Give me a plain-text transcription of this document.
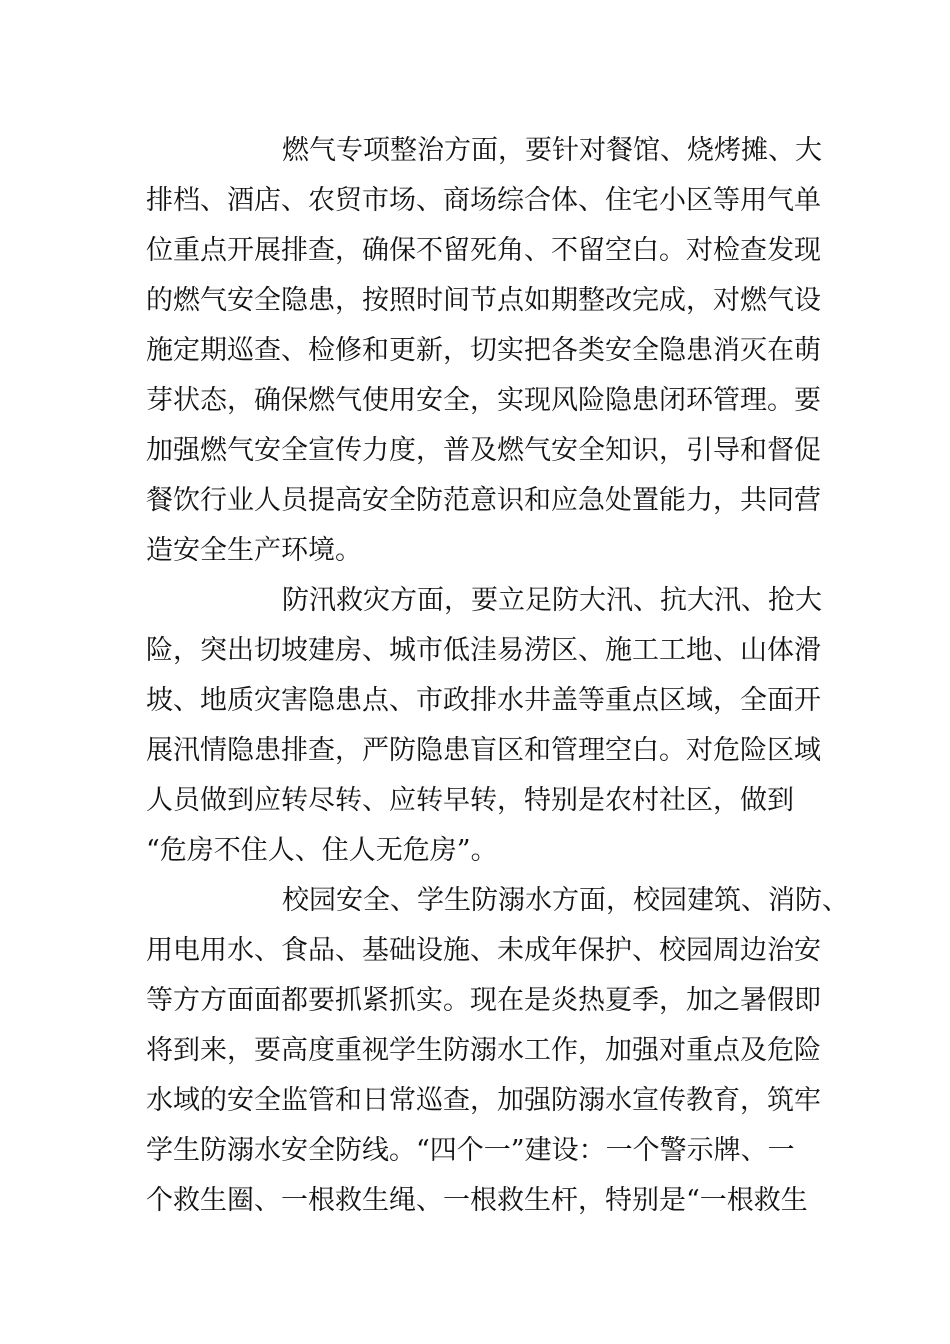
燃气专项整治方面，要针对餐馆、烧烤摊、大
排档、酒店、农贸市场、商场综合体、住宅小区等用气单
位重点开展排查，确保不留死角、不留空白。对检查发现
的燃气安全隐患，按照时间节点如期整改完成，对燃气设
施定期巡查、检修和更新，切实把各类安全隐患消灭在萌
芽状态，确保燃气使用安全，实现风险隐患闭环管理。要
加强燃气安全宣传力度，普及燃气安全知识，引导和督促
餐饮行业人员提高安全防范意识和应急处置能力，共同营
造安全生产环境。
防汛救灾方面，要立足防大汛、抗大汛、抢大
险，突出切坡建房、城市低洼易涝区、施工工地、山体滑
坡、地质灾害隐患点、市政排水井盖等重点区域，全面开
展汛情隐患排查，严防隐患盲区和管理空白。对危险区域
人员做到应转尽转、应转早转，特别是农村社区，做到
“危房不住人、住人无危房”。
校园安全、学生防溺水方面，校园建筑、消防、
用电用水、食品、基础设施、未成年保护、校园周边治安
等方方面面都要抓紧抓实。现在是炎热夏季，加之暑假即
将到来，要高度重视学生防溺水工作，加强对重点及危险
水域的安全监管和日常巡查，加强防溺水宣传教育，筑牢
学生防溺水安全防线。“四个一”建设：一个警示牌、一
个救生圈、一根救生绳、一根救生杆，特别是“一根救生
